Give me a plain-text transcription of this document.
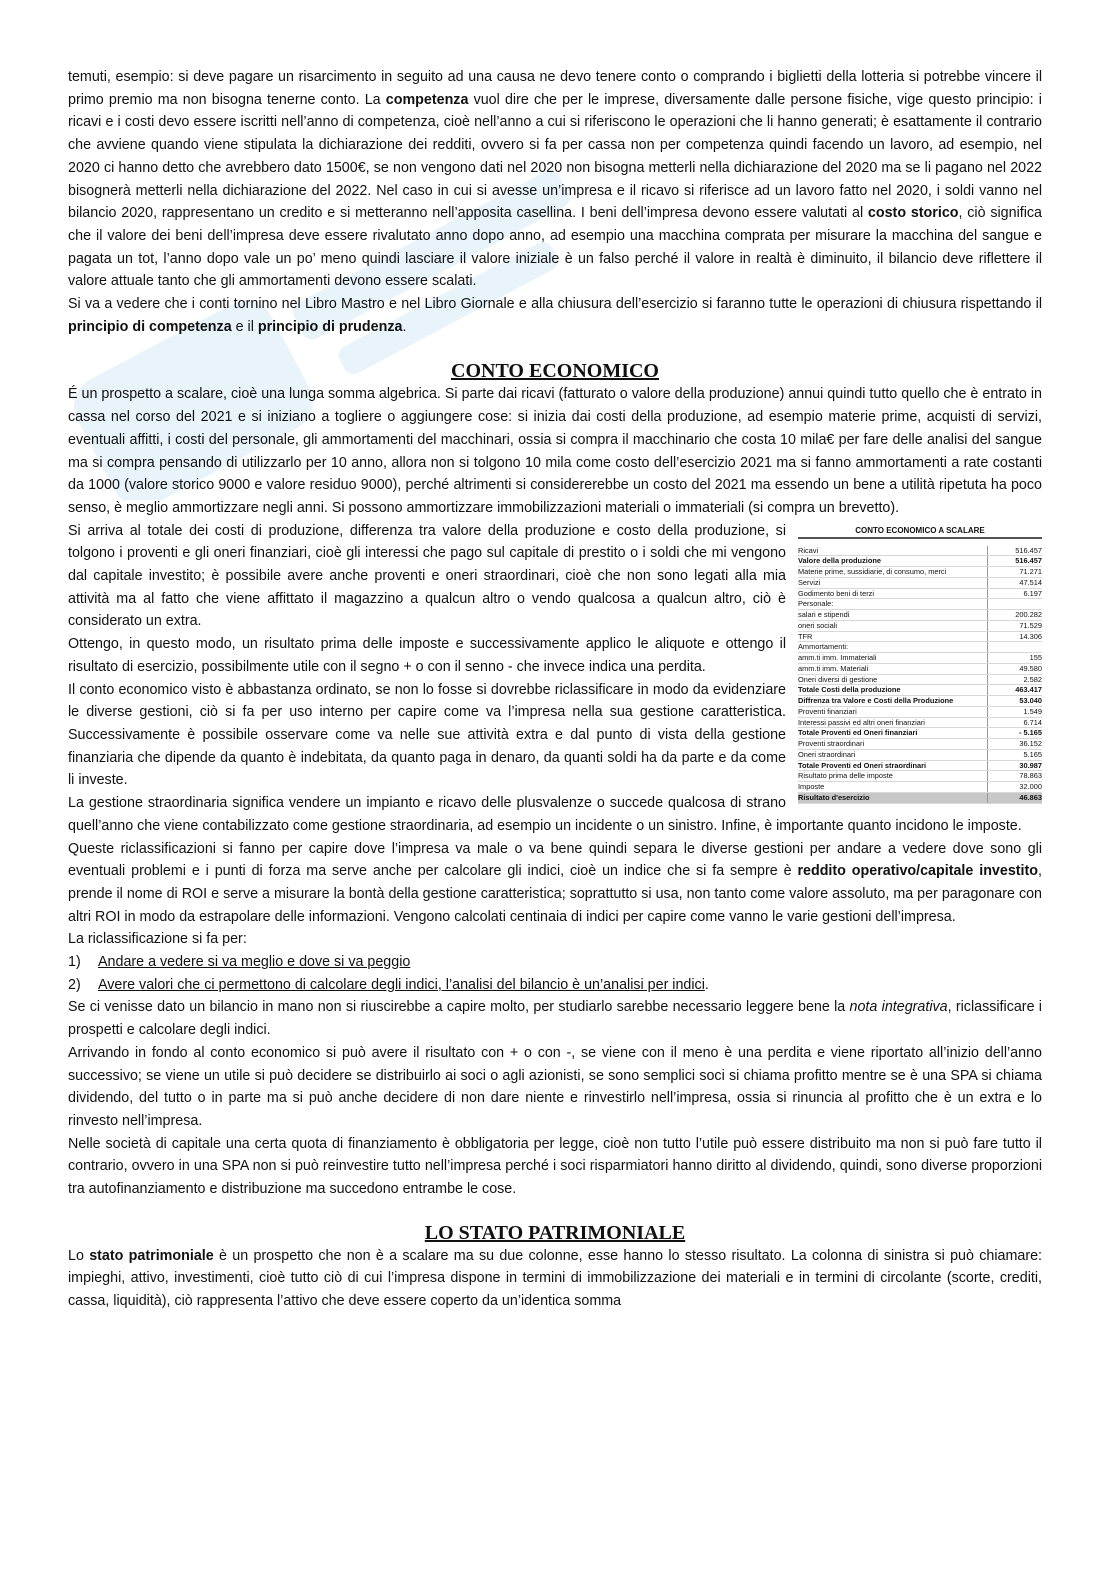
temuti, esempio: si deve pagare un risarcimento in seguito ad una causa ne devo tenere conto o comprando i biglietti della lotteria si potrebbe vincere il primo premio ma non bisogna tenerne conto. La competenza vuol dire che per le imprese, diversamente dalle persone fisiche, vige questo principio: i ricavi e i costi devo essere iscritti nell’anno di competenza, cioè nell’anno a cui si riferiscono le operazioni che li hanno generati; è esattamente il contrario che avviene quando viene stipulata la dichiarazione dei redditi, ovvero si fa per cassa non per competenza quindi facendo un lavoro, ad esempio, nel 2020 ci hanno detto che avrebbero dato 1500€, se non vengono dati nel 2020 non bisogna metterli nella dichiarazione del 2020 ma se li pagano nel 2022 bisognerà metterli nella dichiarazione del 2022. Nel caso in cui si avesse un’impresa e il ricavo si riferisce ad un lavoro fatto nel 2020, i soldi vanno nel bilancio 2020, rappresentano un credito e si metteranno nell’apposita casellina. I beni dell’impresa devono essere valutati al costo storico, ciò significa che il valore dei beni dell’impresa deve essere rivalutato anno dopo anno, ad esempio una macchina comprata per misurare la macchina del sangue e pagata un tot, l’anno dopo vale un po’ meno quindi lasciare il valore iniziale è un falso perché il valore in realtà è diminuito, il bilancio deve riflettere il valore attuale tanto che gli ammortamenti devono essere scalati.

Si va a vedere che i conti tornino nel Libro Mastro e nel Libro Giornale e alla chiusura dell’esercizio si faranno tutte le operazioni di chiusura rispettando il principio di competenza e il principio di prudenza.

CONTO ECONOMICO

É un prospetto a scalare, cioè una lunga somma algebrica. Si parte dai ricavi (fatturato o valore della produzione) annui quindi tutto quello che è entrato in cassa nel corso del 2021 e si iniziano a togliere o aggiungere cose: si inizia dai costi della produzione, ad esempio materie prime, acquisti di servizi, eventuali affitti, i costi del personale, gli ammortamenti del macchinari, ossia si compra il macchinario che costa 10 mila€ per fare delle analisi del sangue ma si compra pensando di utilizzarlo per 10 anno, allora non si tolgono 10 mila come costo dell’esercizio 2021 ma si fanno ammortamenti a rate costanti da 1000 (valore storico 9000 e valore residuo 9000), perché altrimenti si considererebbe un costo del 2021 ma essendo un bene a utilità ripetuta ha poco senso, è meglio ammortizzare negli anni. Si possono ammortizzare immobilizzazioni materiali o immateriali (si compra un brevetto).

CONTO ECONOMICO A SCALARE
Ricavi	516.457
Valore della produzione	516.457
Materie prime, sussidiarie, di consumo, merci	71.271
Servizi	47.514
Godimento beni di terzi	6.197
Personale:
salari e stipendi	200.282
oneri sociali	71.529
TFR	14.306
Ammortamenti:
amm.ti imm. Immateriali	155
amm.ti imm. Materiali	49.580
Oneri diversi di gestione	2.582
Totale Costi della produzione	463.417
Diffrenza tra Valore e Costi della Produzione	53.040
Proventi finanziari	1.549
Interessi passivi ed altri oneri finanziari	6.714
Totale Proventi ed Oneri finanziari	- 5.165
Proventi straordinari	36.152
Oneri straordinari	5.165
Totale Proventi ed Oneri straordinari	30.987
Risultato prima delle imposte	78.863
Imposte	32.000
Risultato d'esercizio	46.863

Si arriva al totale dei costi di produzione, differenza tra valore della produzione e costo della produzione, si tolgono i proventi e gli oneri finanziari, cioè gli interessi che pago sul capitale di prestito o i soldi che mi vengono dal capitale investito; è possibile avere anche proventi e oneri straordinari, cioè che non sono legati alla mia attività ma al fatto che viene affittato il magazzino a qualcun altro o vendo qualcosa a qualcun altro, ciò è considerato un extra.

Ottengo, in questo modo, un risultato prima delle imposte e successivamente applico le aliquote e ottengo il risultato di esercizio, possibilmente utile con il segno + o con il senno - che invece indica una perdita.

Il conto economico visto è abbastanza ordinato, se non lo fosse si dovrebbe riclassificare in modo da evidenziare le diverse gestioni, ciò si fa per uso interno per capire come va l’impresa nella sua gestione caratteristica. Successivamente è possibile osservare come va nelle sue attività extra e dal punto di vista della gestione finanziaria che dipende da quanto è indebitata, da quanto paga in denaro, da quanti soldi ha da parte e da come li investe.

La gestione straordinaria significa vendere un impianto e ricavo delle plusvalenze o succede qualcosa di strano quell’anno che viene contabilizzato come gestione straordinaria, ad esempio un incidente o un sinistro. Infine, è importante quanto incidono le imposte.

Queste riclassificazioni si fanno per capire dove l’impresa va male o va bene quindi separa le diverse gestioni per andare a vedere dove sono gli eventuali problemi e i punti di forza ma serve anche per calcolare gli indici, cioè un indice che si fa sempre è reddito operativo/capitale investito, prende il nome di ROI e serve a misurare la bontà della gestione caratteristica; soprattutto si usa, non tanto come valore assoluto, ma per paragonare con altri ROI in modo da estrapolare delle informazioni. Vengono calcolati centinaia di indici per capire come vanno le varie gestioni dell’impresa.

La riclassificazione si fa per:

1)	Andare a vedere si va meglio e dove si va peggio
2)	Avere valori che ci permettono di calcolare degli indici, l’analisi del bilancio è un’analisi per indici.

Se ci venisse dato un bilancio in mano non si riuscirebbe a capire molto, per studiarlo sarebbe necessario leggere bene la nota integrativa, riclassificare i prospetti e calcolare degli indici.

Arrivando in fondo al conto economico si può avere il risultato con + o con -, se viene con il meno è una perdita e viene riportato all’inizio dell’anno successivo; se viene un utile si può decidere se distribuirlo ai soci o agli azionisti, se sono semplici soci si chiama profitto mentre se è una SPA si chiama dividendo, del tutto o in parte ma si può anche decidere di non dare niente e rinvestirlo nell’impresa, ossia si rinuncia al profitto che è un extra e lo rinvesto nell’impresa.

Nelle società di capitale una certa quota di finanziamento è obbligatoria per legge, cioè non tutto l’utile può essere distribuito ma non si può fare tutto il contrario, ovvero in una SPA non si può reinvestire tutto nell’impresa perché i soci risparmiatori hanno diritto al dividendo, quindi, sono diverse proporzioni tra autofinanziamento e distribuzione ma succedono entrambe le cose.

LO STATO PATRIMONIALE

Lo stato patrimoniale è un prospetto che non è a scalare ma su due colonne, esse hanno lo stesso risultato. La colonna di sinistra si può chiamare: impieghi, attivo, investimenti, cioè tutto ciò di cui l’impresa dispone in termini di immobilizzazione dei materiali e in termini di circolante (scorte, crediti, cassa, liquidità), ciò rappresenta l’attivo che deve essere coperto da un’identica somma
